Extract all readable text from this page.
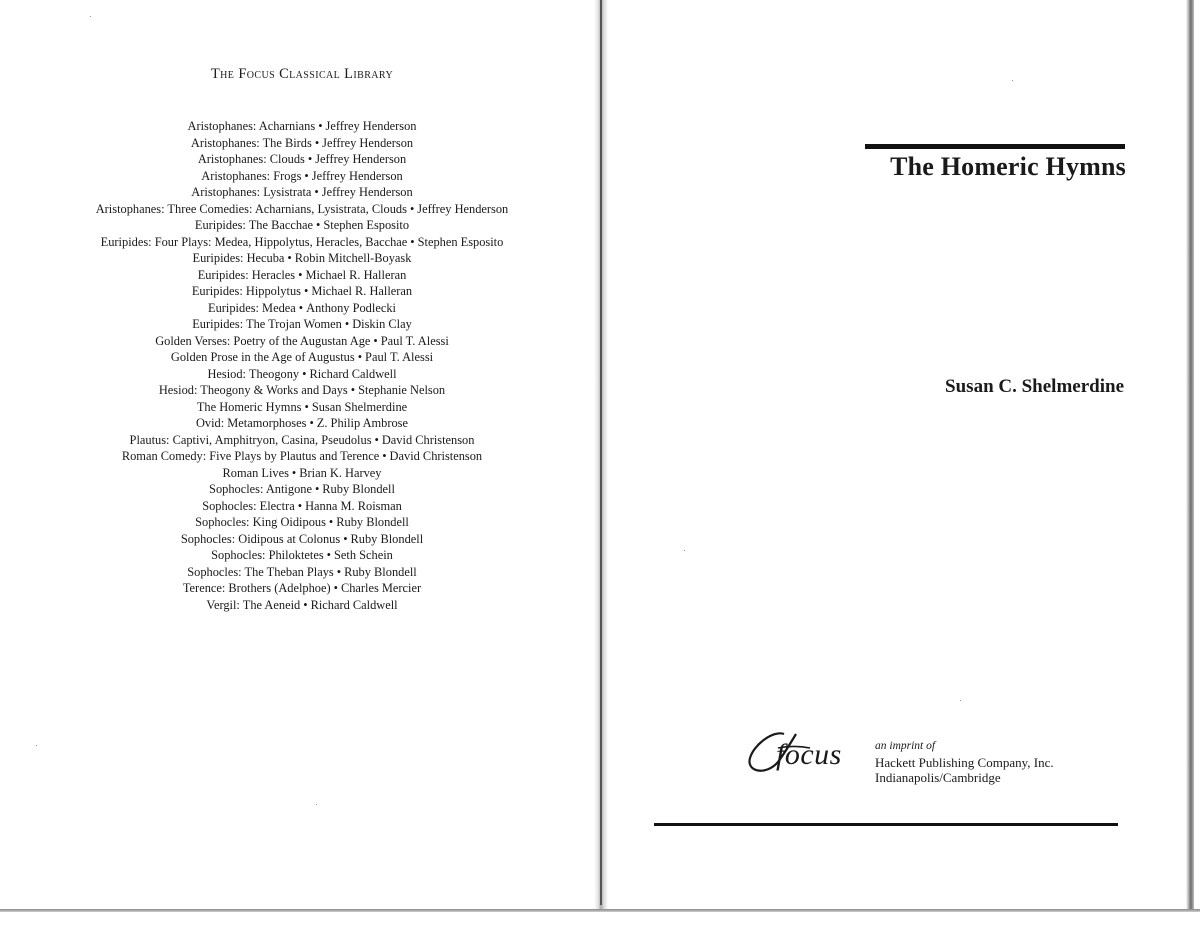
The Focus Classical Library
Aristophanes: Acharnians • Jeffrey Henderson
Aristophanes: The Birds • Jeffrey Henderson
Aristophanes: Clouds • Jeffrey Henderson
Aristophanes: Frogs • Jeffrey Henderson
Aristophanes: Lysistrata • Jeffrey Henderson
Aristophanes: Three Comedies: Acharnians, Lysistrata, Clouds • Jeffrey Henderson
Euripides: The Bacchae • Stephen Esposito
Euripides: Four Plays: Medea, Hippolytus, Heracles, Bacchae • Stephen Esposito
Euripides: Hecuba • Robin Mitchell-Boyask
Euripides: Heracles • Michael R. Halleran
Euripides: Hippolytus • Michael R. Halleran
Euripides: Medea • Anthony Podlecki
Euripides: The Trojan Women • Diskin Clay
Golden Verses: Poetry of the Augustan Age • Paul T. Alessi
Golden Prose in the Age of Augustus • Paul T. Alessi
Hesiod: Theogony • Richard Caldwell
Hesiod: Theogony & Works and Days • Stephanie Nelson
The Homeric Hymns • Susan Shelmerdine
Ovid: Metamorphoses • Z. Philip Ambrose
Plautus: Captivi, Amphitryon, Casina, Pseudolus • David Christenson
Roman Comedy: Five Plays by Plautus and Terence • David Christenson
Roman Lives • Brian K. Harvey
Sophocles: Antigone • Ruby Blondell
Sophocles: Electra • Hanna M. Roisman
Sophocles: King Oidipous • Ruby Blondell
Sophocles: Oidipous at Colonus • Ruby Blondell
Sophocles: Philoktetes • Seth Schein
Sophocles: The Theban Plays • Ruby Blondell
Terence: Brothers (Adelphoe) • Charles Mercier
Vergil: The Aeneid • Richard Caldwell
The Homeric Hymns
Susan C. Shelmerdine
focus	an imprint of
Hackett Publishing Company, Inc.
Indianapolis/Cambridge
